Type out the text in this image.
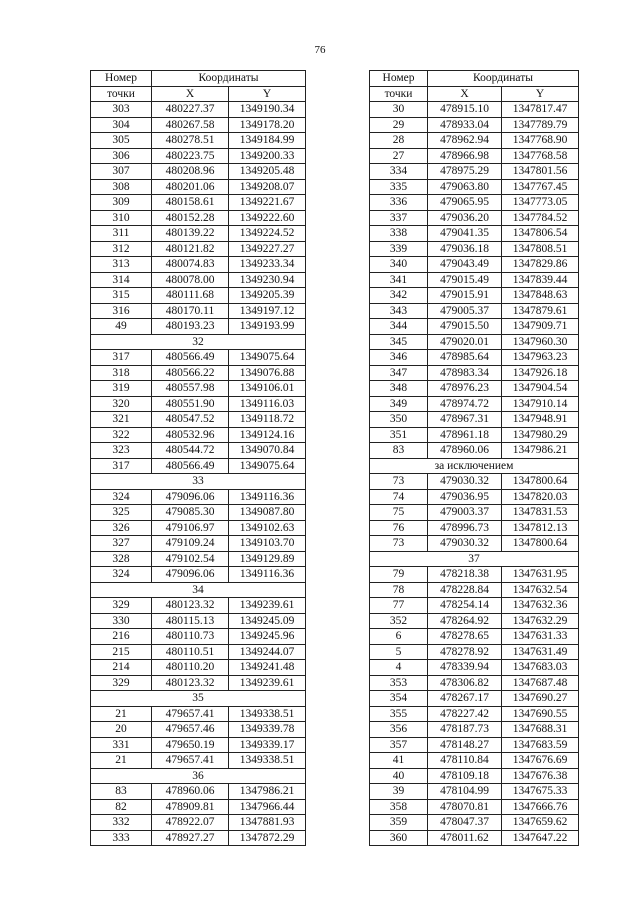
76
Номер	Координаты	
точки	X	Y
303	480227.37	1349190.34
304	480267.58	1349178.20
305	480278.51	1349184.99
306	480223.75	1349200.33
307	480208.96	1349205.48
308	480201.06	1349208.07
309	480158.61	1349221.67
310	480152.28	1349222.60
311	480139.22	1349224.52
312	480121.82	1349227.27
313	480074.83	1349233.34
314	480078.00	1349230.94
315	480111.68	1349205.39
316	480170.11	1349197.12
49	480193.23	1349193.99
32		
317	480566.49	1349075.64
318	480566.22	1349076.88
319	480557.98	1349106.01
320	480551.90	1349116.03
321	480547.52	1349118.72
322	480532.96	1349124.16
323	480544.72	1349070.84
317	480566.49	1349075.64
33		
324	479096.06	1349116.36
325	479085.30	1349087.80
326	479106.97	1349102.63
327	479109.24	1349103.70
328	479102.54	1349129.89
324	479096.06	1349116.36
34		
329	480123.32	1349239.61
330	480115.13	1349245.09
216	480110.73	1349245.96
215	480110.51	1349244.07
214	480110.20	1349241.48
329	480123.32	1349239.61
35		
21	479657.41	1349338.51
20	479657.46	1349339.78
331	479650.19	1349339.17
21	479657.41	1349338.51
36		
83	478960.06	1347986.21
82	478909.81	1347966.44
332	478922.07	1347881.93
333	478927.27	1347872.29
Номер	Координаты	
точки	X	Y
30	478915.10	1347817.47
29	478933.04	1347789.79
28	478962.94	1347768.90
27	478966.98	1347768.58
334	478975.29	1347801.56
335	479063.80	1347767.45
336	479065.95	1347773.05
337	479036.20	1347784.52
338	479041.35	1347806.54
339	479036.18	1347808.51
340	479043.49	1347829.86
341	479015.49	1347839.44
342	479015.91	1347848.63
343	479005.37	1347879.61
344	479015.50	1347909.71
345	479020.01	1347960.30
346	478985.64	1347963.23
347	478983.34	1347926.18
348	478976.23	1347904.54
349	478974.72	1347910.14
350	478967.31	1347948.91
351	478961.18	1347980.29
83	478960.06	1347986.21
за исключением		
73	479030.32	1347800.64
74	479036.95	1347820.03
75	479003.37	1347831.53
76	478996.73	1347812.13
73	479030.32	1347800.64
37		
79	478218.38	1347631.95
78	478228.84	1347632.54
77	478254.14	1347632.36
352	478264.92	1347632.29
6	478278.65	1347631.33
5	478278.92	1347631.49
4	478339.94	1347683.03
353	478306.82	1347687.48
354	478267.17	1347690.27
355	478227.42	1347690.55
356	478187.73	1347688.31
357	478148.27	1347683.59
41	478110.84	1347676.69
40	478109.18	1347676.38
39	478104.99	1347675.33
358	478070.81	1347666.76
359	478047.37	1347659.62
360	478011.62	1347647.22
